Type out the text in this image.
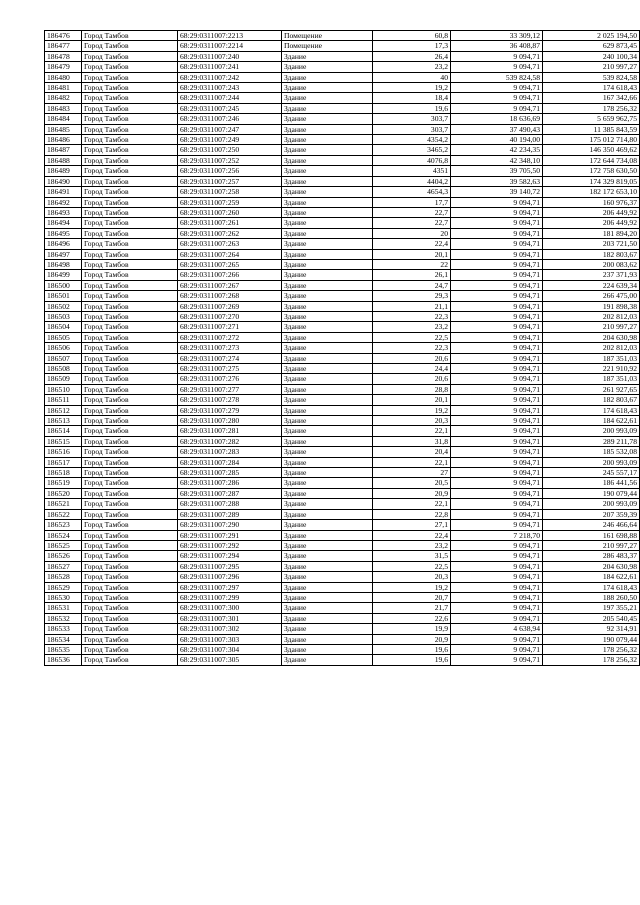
186476	Город Тамбов	68:29:0311007:2213	Помещение	60,8	33 309,12	2 025 194,50
186477	Город Тамбов	68:29:0311007:2214	Помещение	17,3	36 408,87	629 873,45
186478	Город Тамбов	68:29:0311007:240	Здание	26,4	9 094,71	240 100,34
186479	Город Тамбов	68:29:0311007:241	Здание	23,2	9 094,71	210 997,27
186480	Город Тамбов	68:29:0311007:242	Здание	40	539 824,58	539 824,58
186481	Город Тамбов	68:29:0311007:243	Здание	19,2	9 094,71	174 618,43
186482	Город Тамбов	68:29:0311007:244	Здание	18,4	9 094,71	167 342,66
186483	Город Тамбов	68:29:0311007:245	Здание	19,6	9 094,71	178 256,32
186484	Город Тамбов	68:29:0311007:246	Здание	303,7	18 636,69	5 659 962,75
186485	Город Тамбов	68:29:0311007:247	Здание	303,7	37 490,43	11 385 843,59
186486	Город Тамбов	68:29:0311007:249	Здание	4354,2	40 194,00	175 012 714,80
186487	Город Тамбов	68:29:0311007:250	Здание	3465,2	42 234,35	146 350 469,62
186488	Город Тамбов	68:29:0311007:252	Здание	4076,8	42 348,10	172 644 734,08
186489	Город Тамбов	68:29:0311007:256	Здание	4351	39 705,50	172 758 630,50
186490	Город Тамбов	68:29:0311007:257	Здание	4404,2	39 582,63	174 329 819,05
186491	Город Тамбов	68:29:0311007:258	Здание	4654,3	39 140,72	182 172 653,10
186492	Город Тамбов	68:29:0311007:259	Здание	17,7	9 094,71	160 976,37
186493	Город Тамбов	68:29:0311007:260	Здание	22,7	9 094,71	206 449,92
186494	Город Тамбов	68:29:0311007:261	Здание	22,7	9 094,71	206 449,92
186495	Город Тамбов	68:29:0311007:262	Здание	20	9 094,71	181 894,20
186496	Город Тамбов	68:29:0311007:263	Здание	22,4	9 094,71	203 721,50
186497	Город Тамбов	68:29:0311007:264	Здание	20,1	9 094,71	182 803,67
186498	Город Тамбов	68:29:0311007:265	Здание	22	9 094,71	200 083,62
186499	Город Тамбов	68:29:0311007:266	Здание	26,1	9 094,71	237 371,93
186500	Город Тамбов	68:29:0311007:267	Здание	24,7	9 094,71	224 639,34
186501	Город Тамбов	68:29:0311007:268	Здание	29,3	9 094,71	266 475,00
186502	Город Тамбов	68:29:0311007:269	Здание	21,1	9 094,71	191 898,38
186503	Город Тамбов	68:29:0311007:270	Здание	22,3	9 094,71	202 812,03
186504	Город Тамбов	68:29:0311007:271	Здание	23,2	9 094,71	210 997,27
186505	Город Тамбов	68:29:0311007:272	Здание	22,5	9 094,71	204 630,98
186506	Город Тамбов	68:29:0311007:273	Здание	22,3	9 094,71	202 812,03
186507	Город Тамбов	68:29:0311007:274	Здание	20,6	9 094,71	187 351,03
186508	Город Тамбов	68:29:0311007:275	Здание	24,4	9 094,71	221 910,92
186509	Город Тамбов	68:29:0311007:276	Здание	20,6	9 094,71	187 351,03
186510	Город Тамбов	68:29:0311007:277	Здание	28,8	9 094,71	261 927,65
186511	Город Тамбов	68:29:0311007:278	Здание	20,1	9 094,71	182 803,67
186512	Город Тамбов	68:29:0311007:279	Здание	19,2	9 094,71	174 618,43
186513	Город Тамбов	68:29:0311007:280	Здание	20,3	9 094,71	184 622,61
186514	Город Тамбов	68:29:0311007:281	Здание	22,1	9 094,71	200 993,09
186515	Город Тамбов	68:29:0311007:282	Здание	31,8	9 094,71	289 211,78
186516	Город Тамбов	68:29:0311007:283	Здание	20,4	9 094,71	185 532,08
186517	Город Тамбов	68:29:0311007:284	Здание	22,1	9 094,71	200 993,09
186518	Город Тамбов	68:29:0311007:285	Здание	27	9 094,71	245 557,17
186519	Город Тамбов	68:29:0311007:286	Здание	20,5	9 094,71	186 441,56
186520	Город Тамбов	68:29:0311007:287	Здание	20,9	9 094,71	190 079,44
186521	Город Тамбов	68:29:0311007:288	Здание	22,1	9 094,71	200 993,09
186522	Город Тамбов	68:29:0311007:289	Здание	22,8	9 094,71	207 359,39
186523	Город Тамбов	68:29:0311007:290	Здание	27,1	9 094,71	246 466,64
186524	Город Тамбов	68:29:0311007:291	Здание	22,4	7 218,70	161 698,88
186525	Город Тамбов	68:29:0311007:292	Здание	23,2	9 094,71	210 997,27
186526	Город Тамбов	68:29:0311007:294	Здание	31,5	9 094,71	286 483,37
186527	Город Тамбов	68:29:0311007:295	Здание	22,5	9 094,71	204 630,98
186528	Город Тамбов	68:29:0311007:296	Здание	20,3	9 094,71	184 622,61
186529	Город Тамбов	68:29:0311007:297	Здание	19,2	9 094,71	174 618,43
186530	Город Тамбов	68:29:0311007:299	Здание	20,7	9 094,71	188 260,50
186531	Город Тамбов	68:29:0311007:300	Здание	21,7	9 094,71	197 355,21
186532	Город Тамбов	68:29:0311007:301	Здание	22,6	9 094,71	205 540,45
186533	Город Тамбов	68:29:0311007:302	Здание	19,9	4 638,94	92 314,91
186534	Город Тамбов	68:29:0311007:303	Здание	20,9	9 094,71	190 079,44
186535	Город Тамбов	68:29:0311007:304	Здание	19,6	9 094,71	178 256,32
186536	Город Тамбов	68:29:0311007:305	Здание	19,6	9 094,71	178 256,32
